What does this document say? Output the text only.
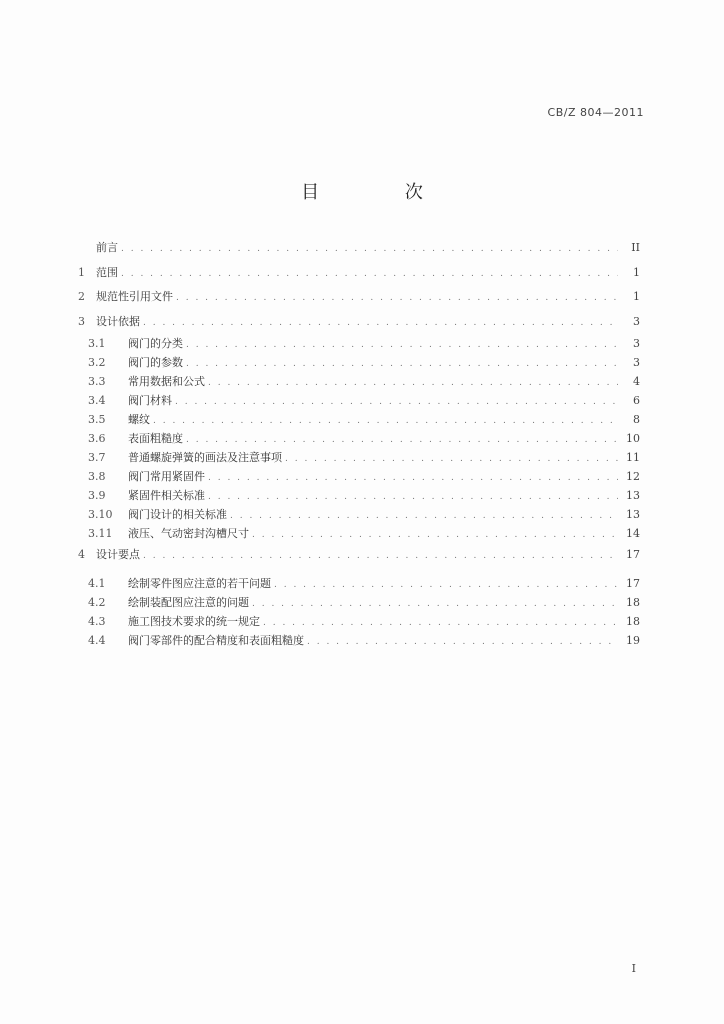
CB/Z 804—2011
目 次
前言 . . .	II
1	范围 . . .	1
2	规范性引用文件 . . .	1
3	设计依据 . . .	3
3.1	阀门的分类 . . .	3
3.2	阀门的参数 . . .	3
3.3	常用数据和公式 . . .	4
3.4	阀门材料 . . .	6
3.5	螺纹 . . .	8
3.6	表面粗糙度 . . .	10
3.7	普通螺旋弹簧的画法及注意事项 . . .	11
3.8	阀门常用紧固件 . . .	12
3.9	紧固件相关标准 . . .	13
3.10	阀门设计的相关标准 . . .	13
3.11	液压、气动密封沟槽尺寸 . . .	14
4	设计要点 . . .	17
4.1	绘制零件图应注意的若干问题 . . .	17
4.2	绘制装配图应注意的问题 . . .	18
4.3	施工图技术要求的统一规定 . . .	18
4.4	阀门零部件的配合精度和表面粗糙度 . . .	19
I
